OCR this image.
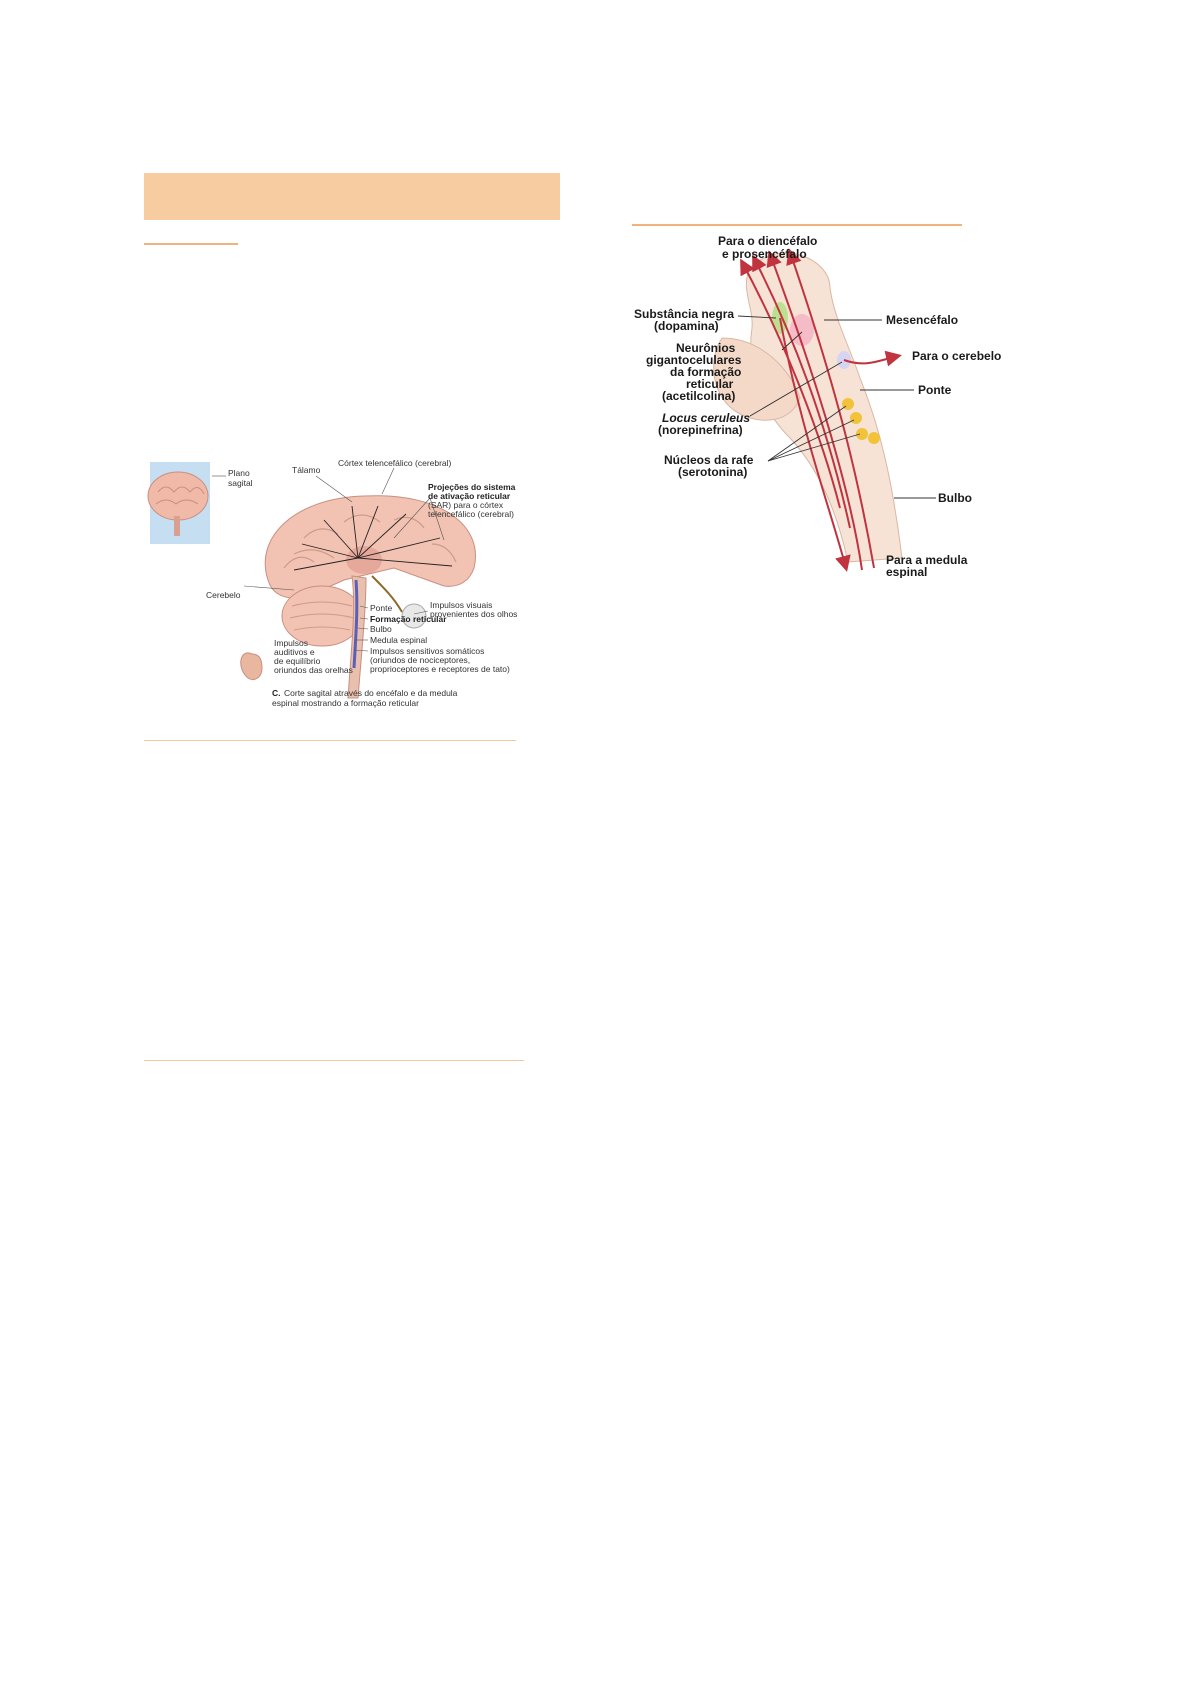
Plano
sagital
Tálamo
Córtex telencefálico (cerebral)
Projeções do sistema
de ativação reticular
(SAR) para o córtex
telencefálico (cerebral)
Cerebelo
Impulsos visuais
provenientes dos olhos
Ponte
Formação reticular
Bulbo
Medula espinal
Impulsos sensitivos somáticos
(oriundos de nociceptores,
proprioceptores e receptores de tato)
Impulsos
auditivos e
de equilíbrio
oriundos das orelhas
C. Corte sagital através do encéfalo e da medula
espinal mostrando a formação reticular
Para o diencéfalo
e prosencéfalo
Substância negra
(dopamina)
Neurônios
gigantocelulares
da formação
reticular
(acetilcolina)
Locus ceruleus
(norepinefrina)
Núcleos da rafe
(serotonina)
Mesencéfalo
Para o cerebelo
Ponte
Bulbo
Para a medula
espinal
